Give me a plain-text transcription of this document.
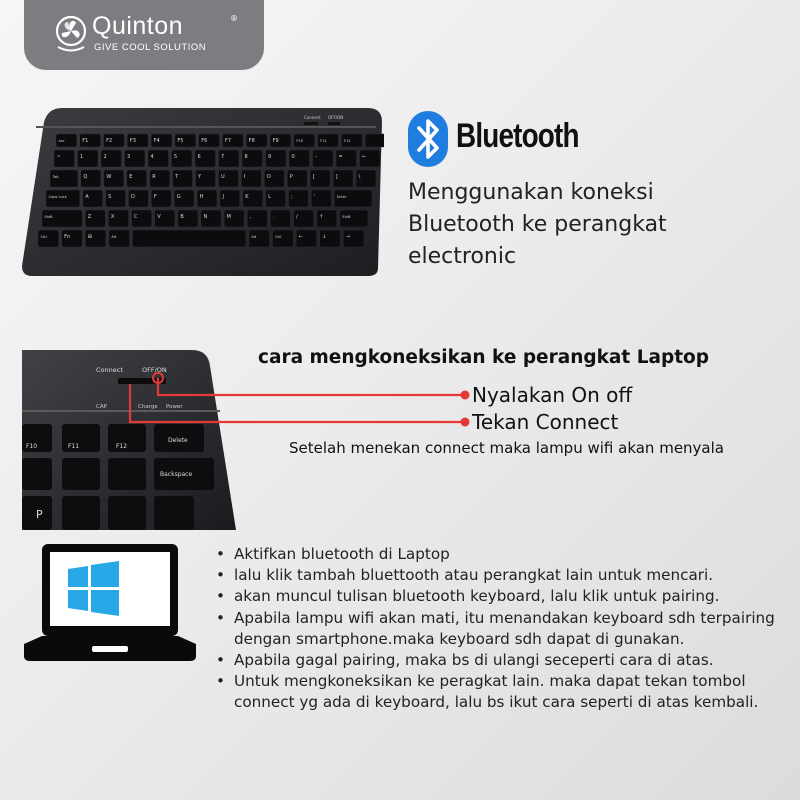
Quinton	®
GIVE COOL SOLUTION
Connect OFF/ON
esc	F1	F2	F3	F4	F5	F6	F7	F8	F9	F10	F11	F12
~	1	2	3	4	5	6	7	8	9	0	-	=	←
Tab	Q	W	E	R	T	Y	U	I	O	P	[	]	\
Caps Lock	A	S	D	F	G	H	J	K	L	;	'	Enter
Shift	Z	X	C	V	B	N	M	,	.	/	↑	Shift
Ctrl	Fn	⊞	Alt	Alt	Ctrl	←	↓	→
Bluetooth
Menggunakan koneksi
Bluetooth ke perangkat
electronic
Connect	OFF/ON
CAP	Charge Power
F11
F10	F12
Delete
Backspace
P
cara mengkoneksikan ke perangkat Laptop
Nyalakan On off
Tekan Connect
Setelah menekan connect maka lampu wifi akan menyala
• Aktifkan bluetooth di Laptop
• lalu klik tambah bluettooth atau perangkat lain untuk mencari.
• akan muncul tulisan bluetooth keyboard, lalu klik untuk pairing.
• Apabila lampu wifi akan mati, itu menandakan keyboard sdh terpairing dengan smartphone.maka keyboard sdh dapat di gunakan.
• Apabila gagal pairing, maka bs di ulangi seceperti cara di atas.
• Untuk mengkoneksikan ke peragkat lain. maka dapat tekan tombol connect yg ada di keyboard, lalu bs ikut cara seperti di atas kembali.
